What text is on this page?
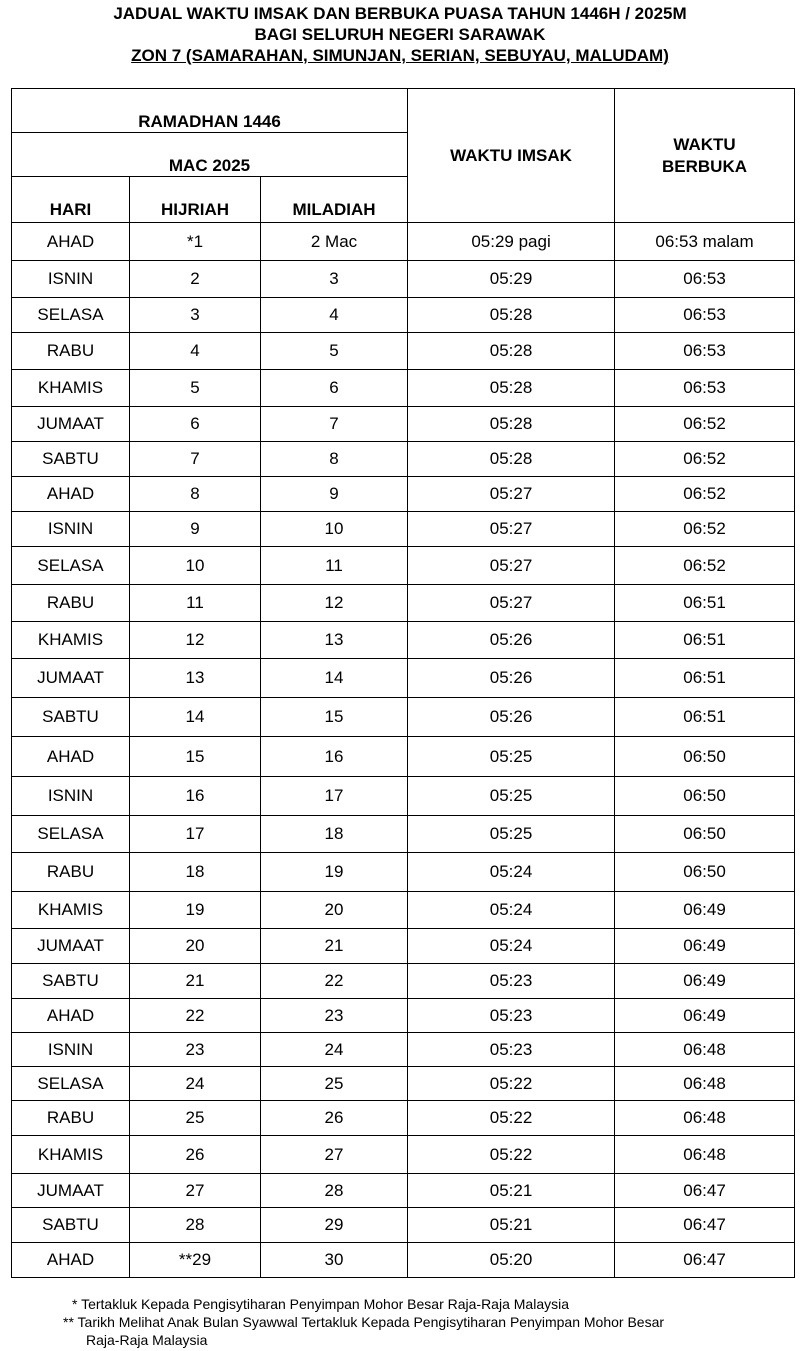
JADUAL WAKTU IMSAK DAN BERBUKA PUASA TAHUN 1446H / 2025M
BAGI SELURUH NEGERI SARAWAK
ZON 7 (SAMARAHAN, SIMUNJAN, SERIAN, SEBUYAU, MALUDAM)
RAMADHAN 1446			WAKTU IMSAK	WAKTU BERBUKA
MAC 2025				
HARI	HIJRIAH	MILADIAH		
AHAD	*1	2 Mac	05:29 pagi	06:53 malam
ISNIN	2	3	05:29	06:53
SELASA	3	4	05:28	06:53
RABU	4	5	05:28	06:53
KHAMIS	5	6	05:28	06:53
JUMAAT	6	7	05:28	06:52
SABTU	7	8	05:28	06:52
AHAD	8	9	05:27	06:52
ISNIN	9	10	05:27	06:52
SELASA	10	11	05:27	06:52
RABU	11	12	05:27	06:51
KHAMIS	12	13	05:26	06:51
JUMAAT	13	14	05:26	06:51
SABTU	14	15	05:26	06:51
AHAD	15	16	05:25	06:50
ISNIN	16	17	05:25	06:50
SELASA	17	18	05:25	06:50
RABU	18	19	05:24	06:50
KHAMIS	19	20	05:24	06:49
JUMAAT	20	21	05:24	06:49
SABTU	21	22	05:23	06:49
AHAD	22	23	05:23	06:49
ISNIN	23	24	05:23	06:48
SELASA	24	25	05:22	06:48
RABU	25	26	05:22	06:48
KHAMIS	26	27	05:22	06:48
JUMAAT	27	28	05:21	06:47
SABTU	28	29	05:21	06:47
AHAD	**29	30	05:20	06:47
* Tertakluk Kepada Pengisytiharan Penyimpan Mohor Besar Raja-Raja Malaysia
** Tarikh Melihat Anak Bulan Syawwal Tertakluk Kepada Pengisytiharan Penyimpan Mohor Besar
Raja-Raja Malaysia
